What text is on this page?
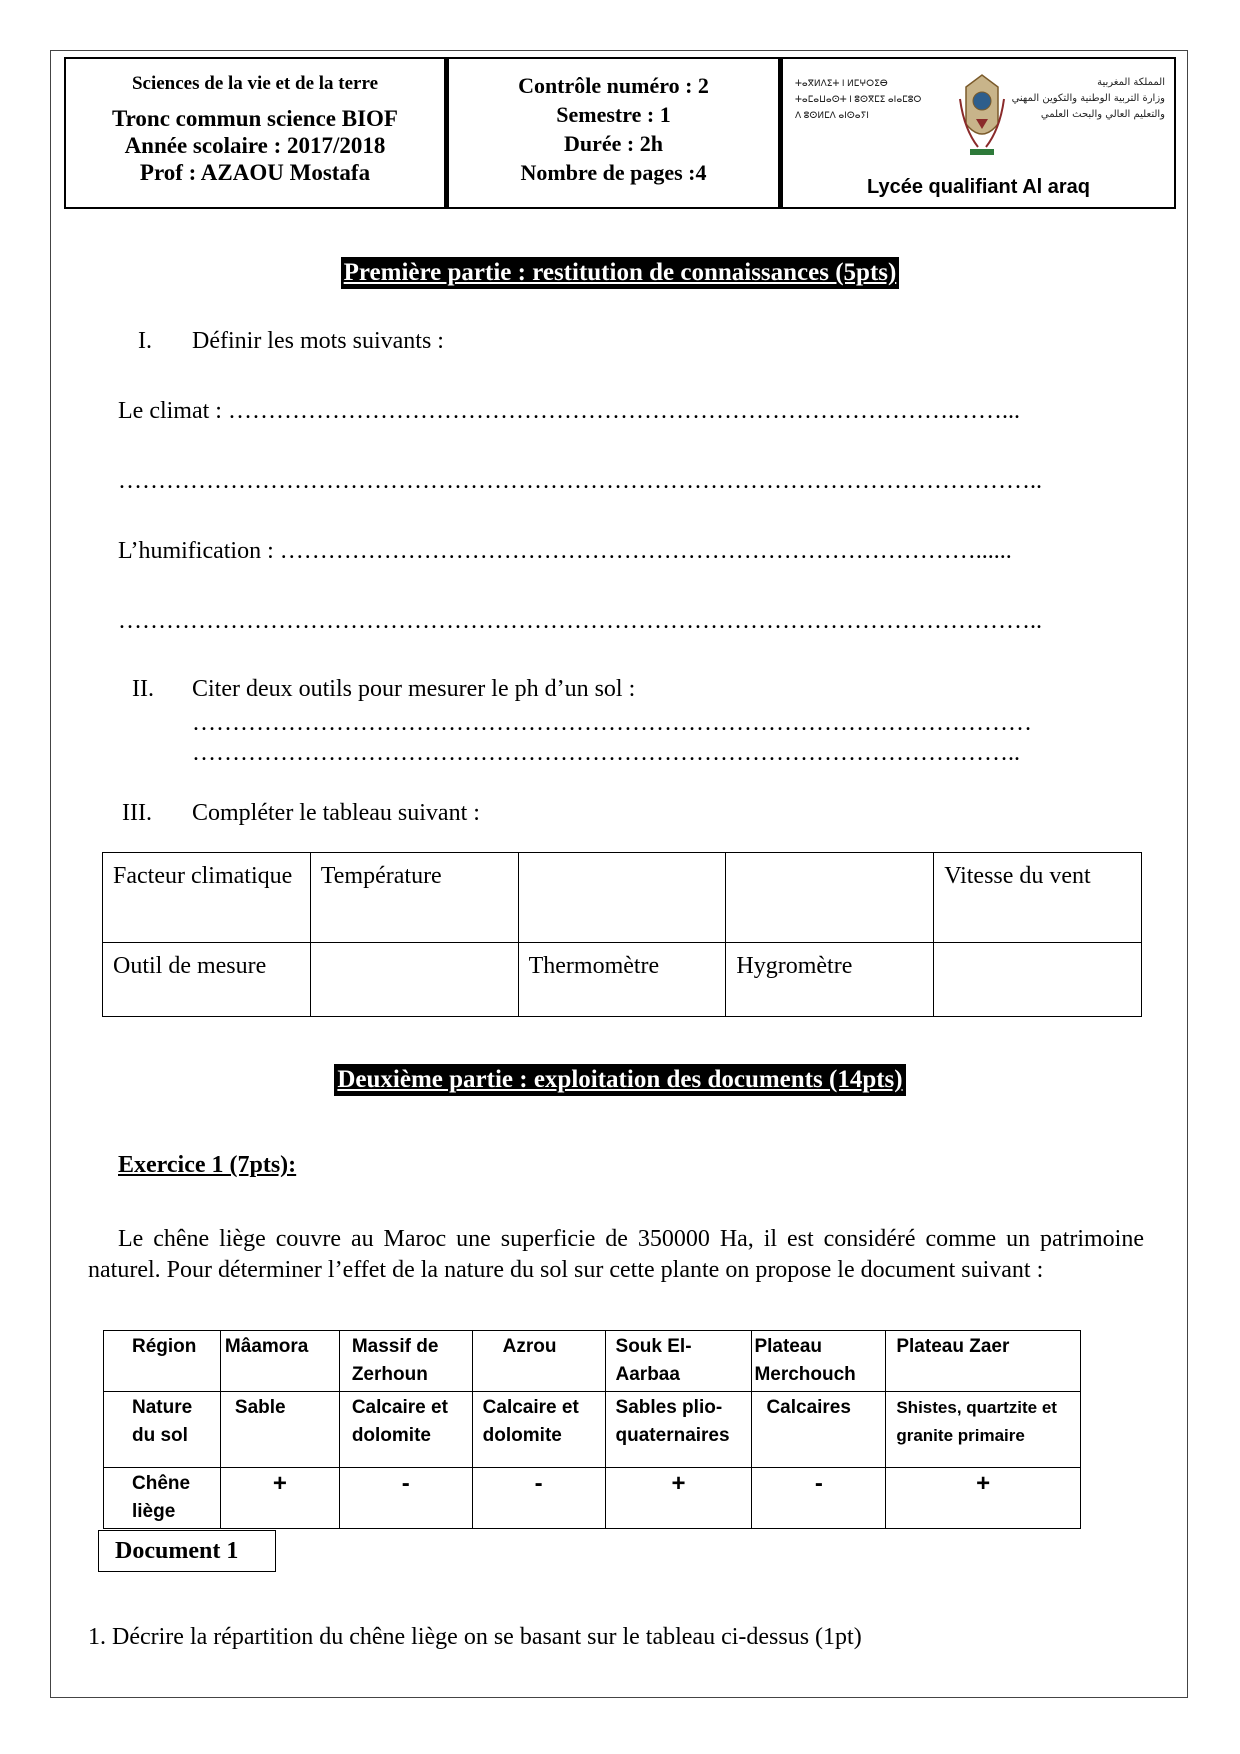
Sciences de la vie et de la terre
Tronc commun science BIOF
Année scolaire : 2017/2018
Prof : AZAOU Mostafa
Contrôle numéro : 2
Semestre : 1
Durée : 2h
Nombre de pages :4
ⵜⴰⴳⵍⴷⵉⵜ ⵏ ⵍⵎⵖⵔⵉⴱ
ⵜⴰⵎⴰⵡⴰⵙⵜ ⵏ ⵓⵙⴳⵎⵉ ⴰⵏⴰⵎⵓⵔ
ⴷ ⵓⵙⵍⵎⴷ ⴰⵏⵙⴰⵢⵏ
المملكة المغربية
وزارة التربية الوطنية والتكوين المهني
والتعليم العالي والبحث العلمي
Lycée qualifiant Al araq
Première partie : restitution de connaissances (5pts)
I. Définir les mots suivants :
Le climat : ……………………………………………………………………………….……...
……………………………………………………………………………………………………..
L’humification : ……………………………………………………………………………......
……………………………………………………………………………………………………..
II. Citer deux outils pour mesurer le ph d’un sol :
……………………………………………………………………………………………
…………………………………………………………………………………………..
III. Compléter le tableau suivant :
Facteur climatique	Température			Vitesse du vent
Outil de mesure		Thermomètre	Hygromètre	
Deuxième partie : exploitation des documents (14pts)
Exercice 1 (7pts):
Le chêne liège couvre au Maroc une superficie de 350000 Ha, il est considéré comme un patrimoine naturel. Pour déterminer l’effet de la nature du sol sur cette plante on propose le document suivant :
Région	Mâamora	Massif de Zerhoun	Azrou	Souk El-Aarbaa	Plateau Merchouch	Plateau Zaer
Nature du sol	Sable	Calcaire et dolomite	Calcaire et dolomite	Sables plio-quaternaires	Calcaires	Shistes, quartzite et granite primaire
Chêne liège	+	-	-	+	-	+
Document 1
1. Décrire la répartition du chêne liège on se basant sur le tableau ci-dessus (1pt)
